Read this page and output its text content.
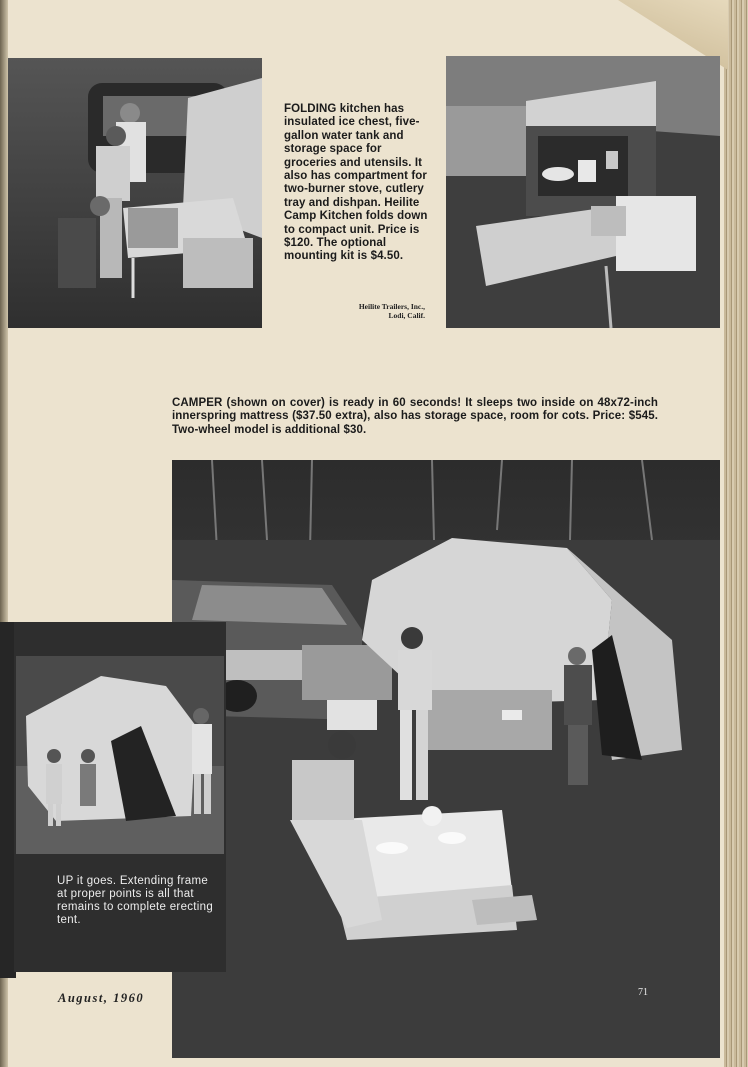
FOLDING kitchen has insulated ice chest, five-gallon water tank and storage space for groceries and utensils. It also has compartment for two-burner stove, cutlery tray and dishpan. Heilite Camp Kitchen folds down to compact unit. Price is $120. The optional mounting kit is $4.50.
Heilite Trailers, Inc.,
Lodi, Calif.
CAMPER (shown on cover) is ready in 60 seconds! It sleeps two inside on 48x72-inch innerspring mattress ($37.50 extra), also has storage space, room for cots. Price: $545. Two-wheel model is additional $30.
UP it goes. Extending frame at proper points is all that remains to complete erecting tent.
August, 1960	71
